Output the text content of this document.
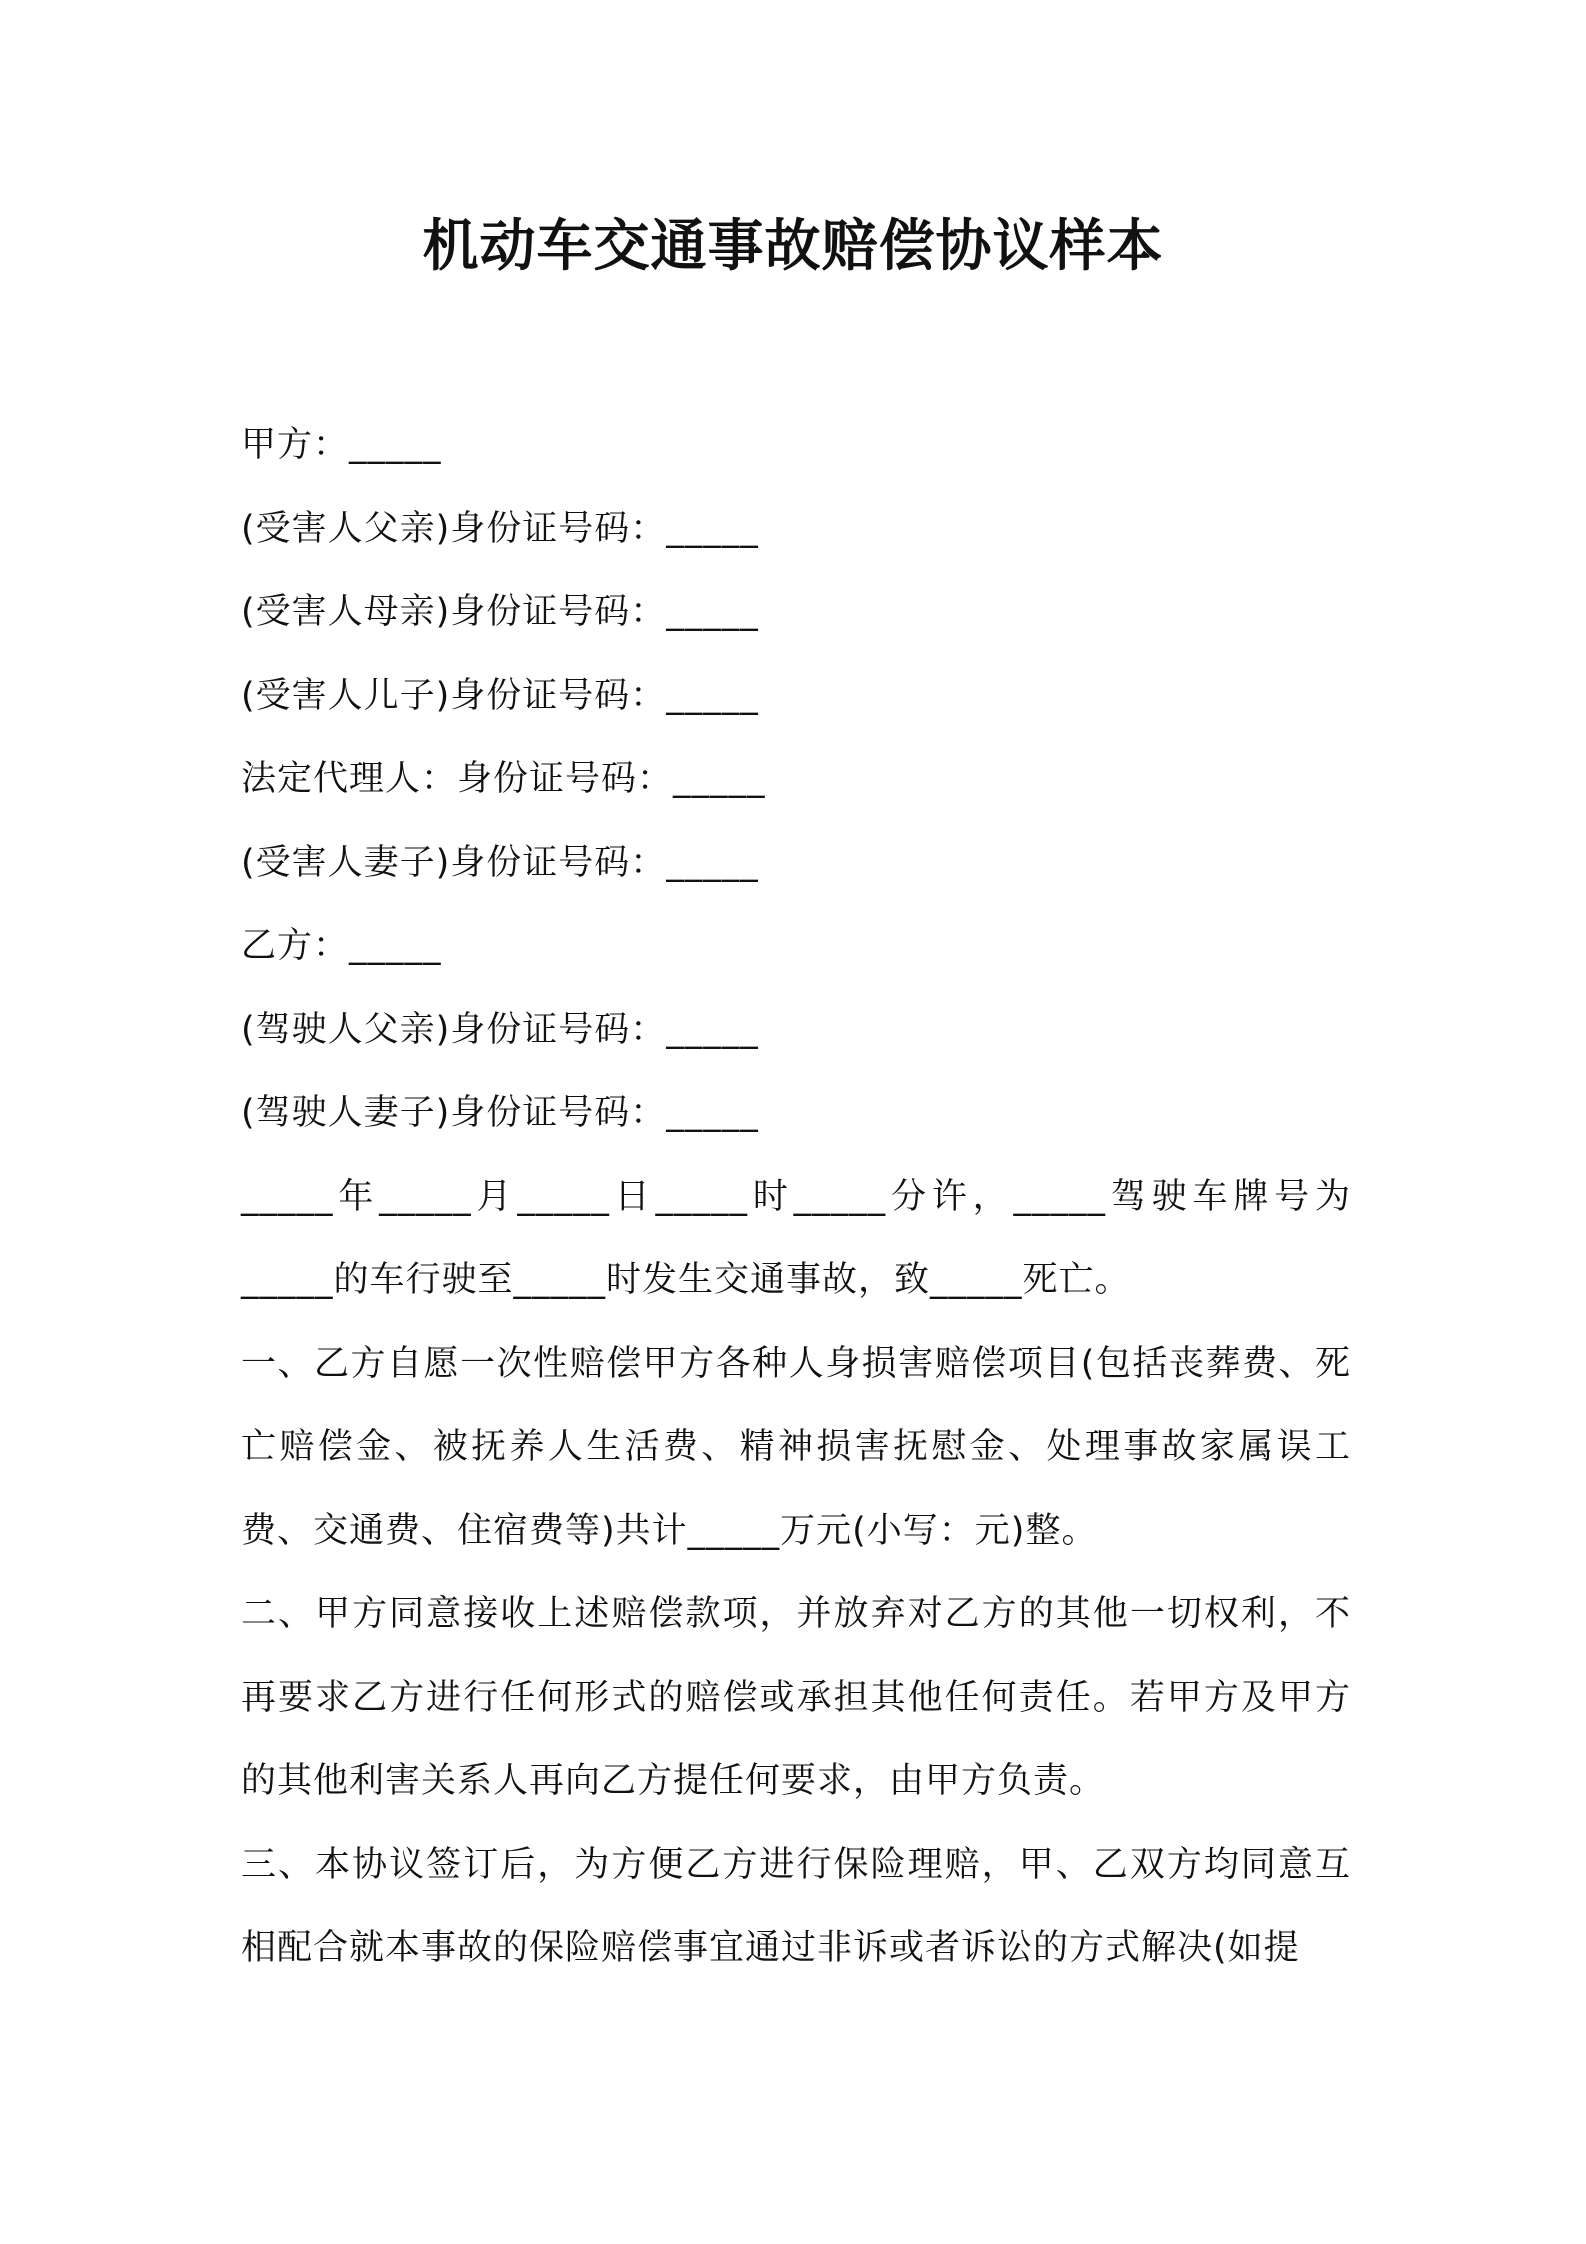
机动车交通事故赔偿协议样本

甲方：_____

(受害人父亲)身份证号码：_____

(受害人母亲)身份证号码：_____

(受害人儿子)身份证号码：_____

法定代理人：身份证号码：_____

(受害人妻子)身份证号码：_____

乙方：_____

(驾驶人父亲)身份证号码：_____

(驾驶人妻子)身份证号码：_____

_____年_____月_____日_____时_____分许，_____驾驶车牌号为_____的车行驶至_____时发生交通事故，致_____死亡。

一、乙方自愿一次性赔偿甲方各种人身损害赔偿项目(包括丧葬费、死亡赔偿金、被抚养人生活费、精神损害抚慰金、处理事故家属误工费、交通费、住宿费等)共计_____万元(小写：元)整。

二、甲方同意接收上述赔偿款项，并放弃对乙方的其他一切权利，不再要求乙方进行任何形式的赔偿或承担其他任何责任。若甲方及甲方的其他利害关系人再向乙方提任何要求，由甲方负责。

三、本协议签订后，为方便乙方进行保险理赔，甲、乙双方均同意互相配合就本事故的保险赔偿事宜通过非诉或者诉讼的方式解决(如提
